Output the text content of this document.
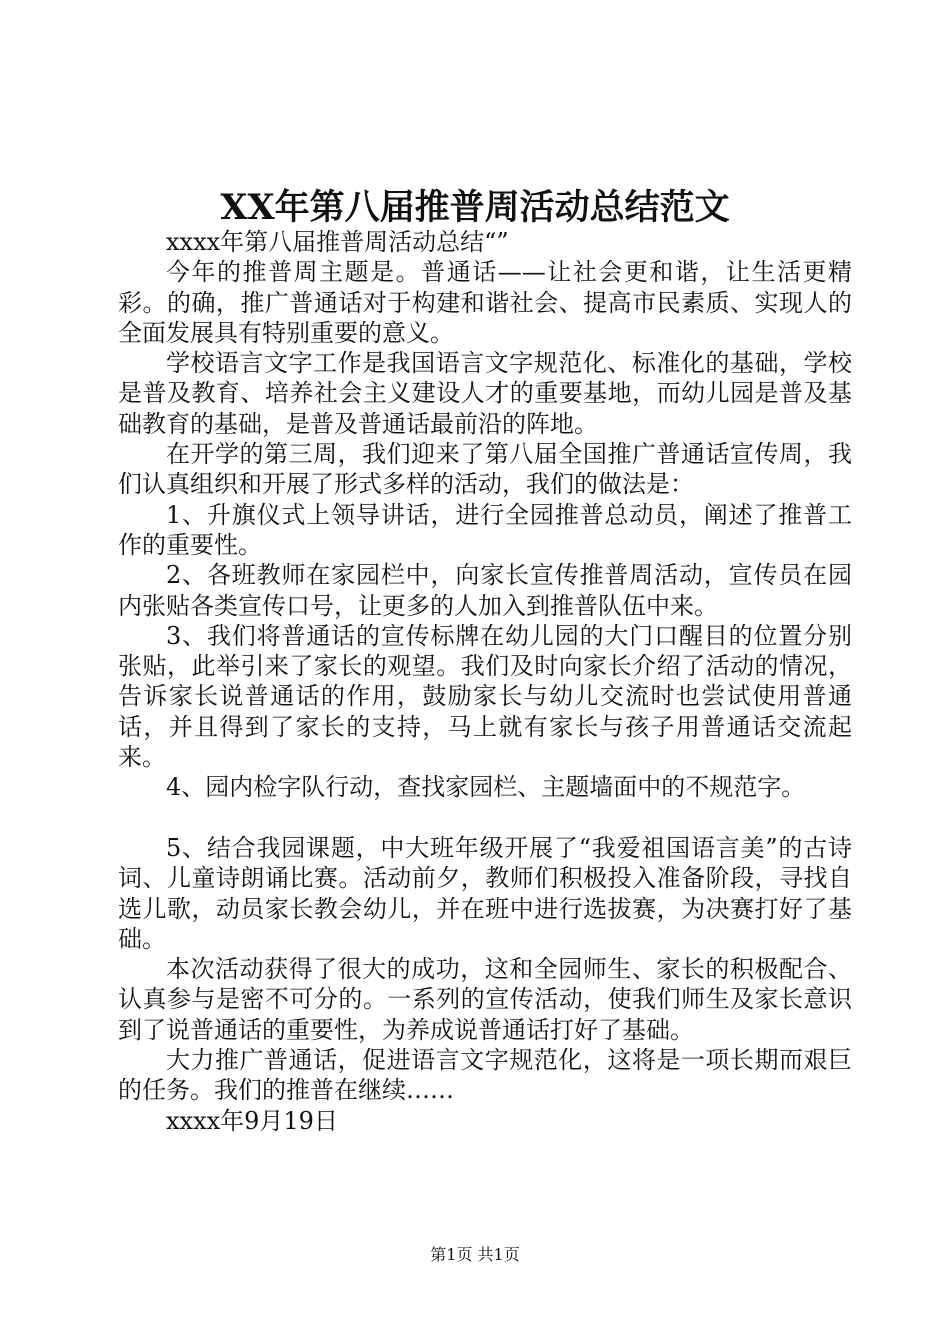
XX年第八届推普周活动总结范文

xxxx年第八届推普周活动总结“”

今年的推普周主题是。普通话——让社会更和谐，让生活更精彩。的确，推广普通话对于构建和谐社会、提高市民素质、实现人的全面发展具有特别重要的意义。

学校语言文字工作是我国语言文字规范化、标准化的基础，学校是普及教育、培养社会主义建设人才的重要基地，而幼儿园是普及基础教育的基础，是普及普通话最前沿的阵地。

在开学的第三周，我们迎来了第八届全国推广普通话宣传周，我们认真组织和开展了形式多样的活动，我们的做法是：

1、升旗仪式上领导讲话，进行全园推普总动员，阐述了推普工作的重要性。

2、各班教师在家园栏中，向家长宣传推普周活动，宣传员在园内张贴各类宣传口号，让更多的人加入到推普队伍中来。

3、我们将普通话的宣传标牌在幼儿园的大门口醒目的位置分别张贴，此举引来了家长的观望。我们及时向家长介绍了活动的情况，告诉家长说普通话的作用，鼓励家长与幼儿交流时也尝试使用普通话，并且得到了家长的支持，马上就有家长与孩子用普通话交流起来。

4、园内检字队行动，查找家园栏、主题墙面中的不规范字。

5、结合我园课题，中大班年级开展了“我爱祖国语言美”的古诗词、儿童诗朗诵比赛。活动前夕，教师们积极投入准备阶段，寻找自选儿歌，动员家长教会幼儿，并在班中进行选拔赛，为决赛打好了基础。

本次活动获得了很大的成功，这和全园师生、家长的积极配合、认真参与是密不可分的。一系列的宣传活动，使我们师生及家长意识到了说普通话的重要性，为养成说普通话打好了基础。

大力推广普通话，促进语言文字规范化，这将是一项长期而艰巨的任务。我们的推普在继续……

xxxx年9月19日

第1页 共1页
